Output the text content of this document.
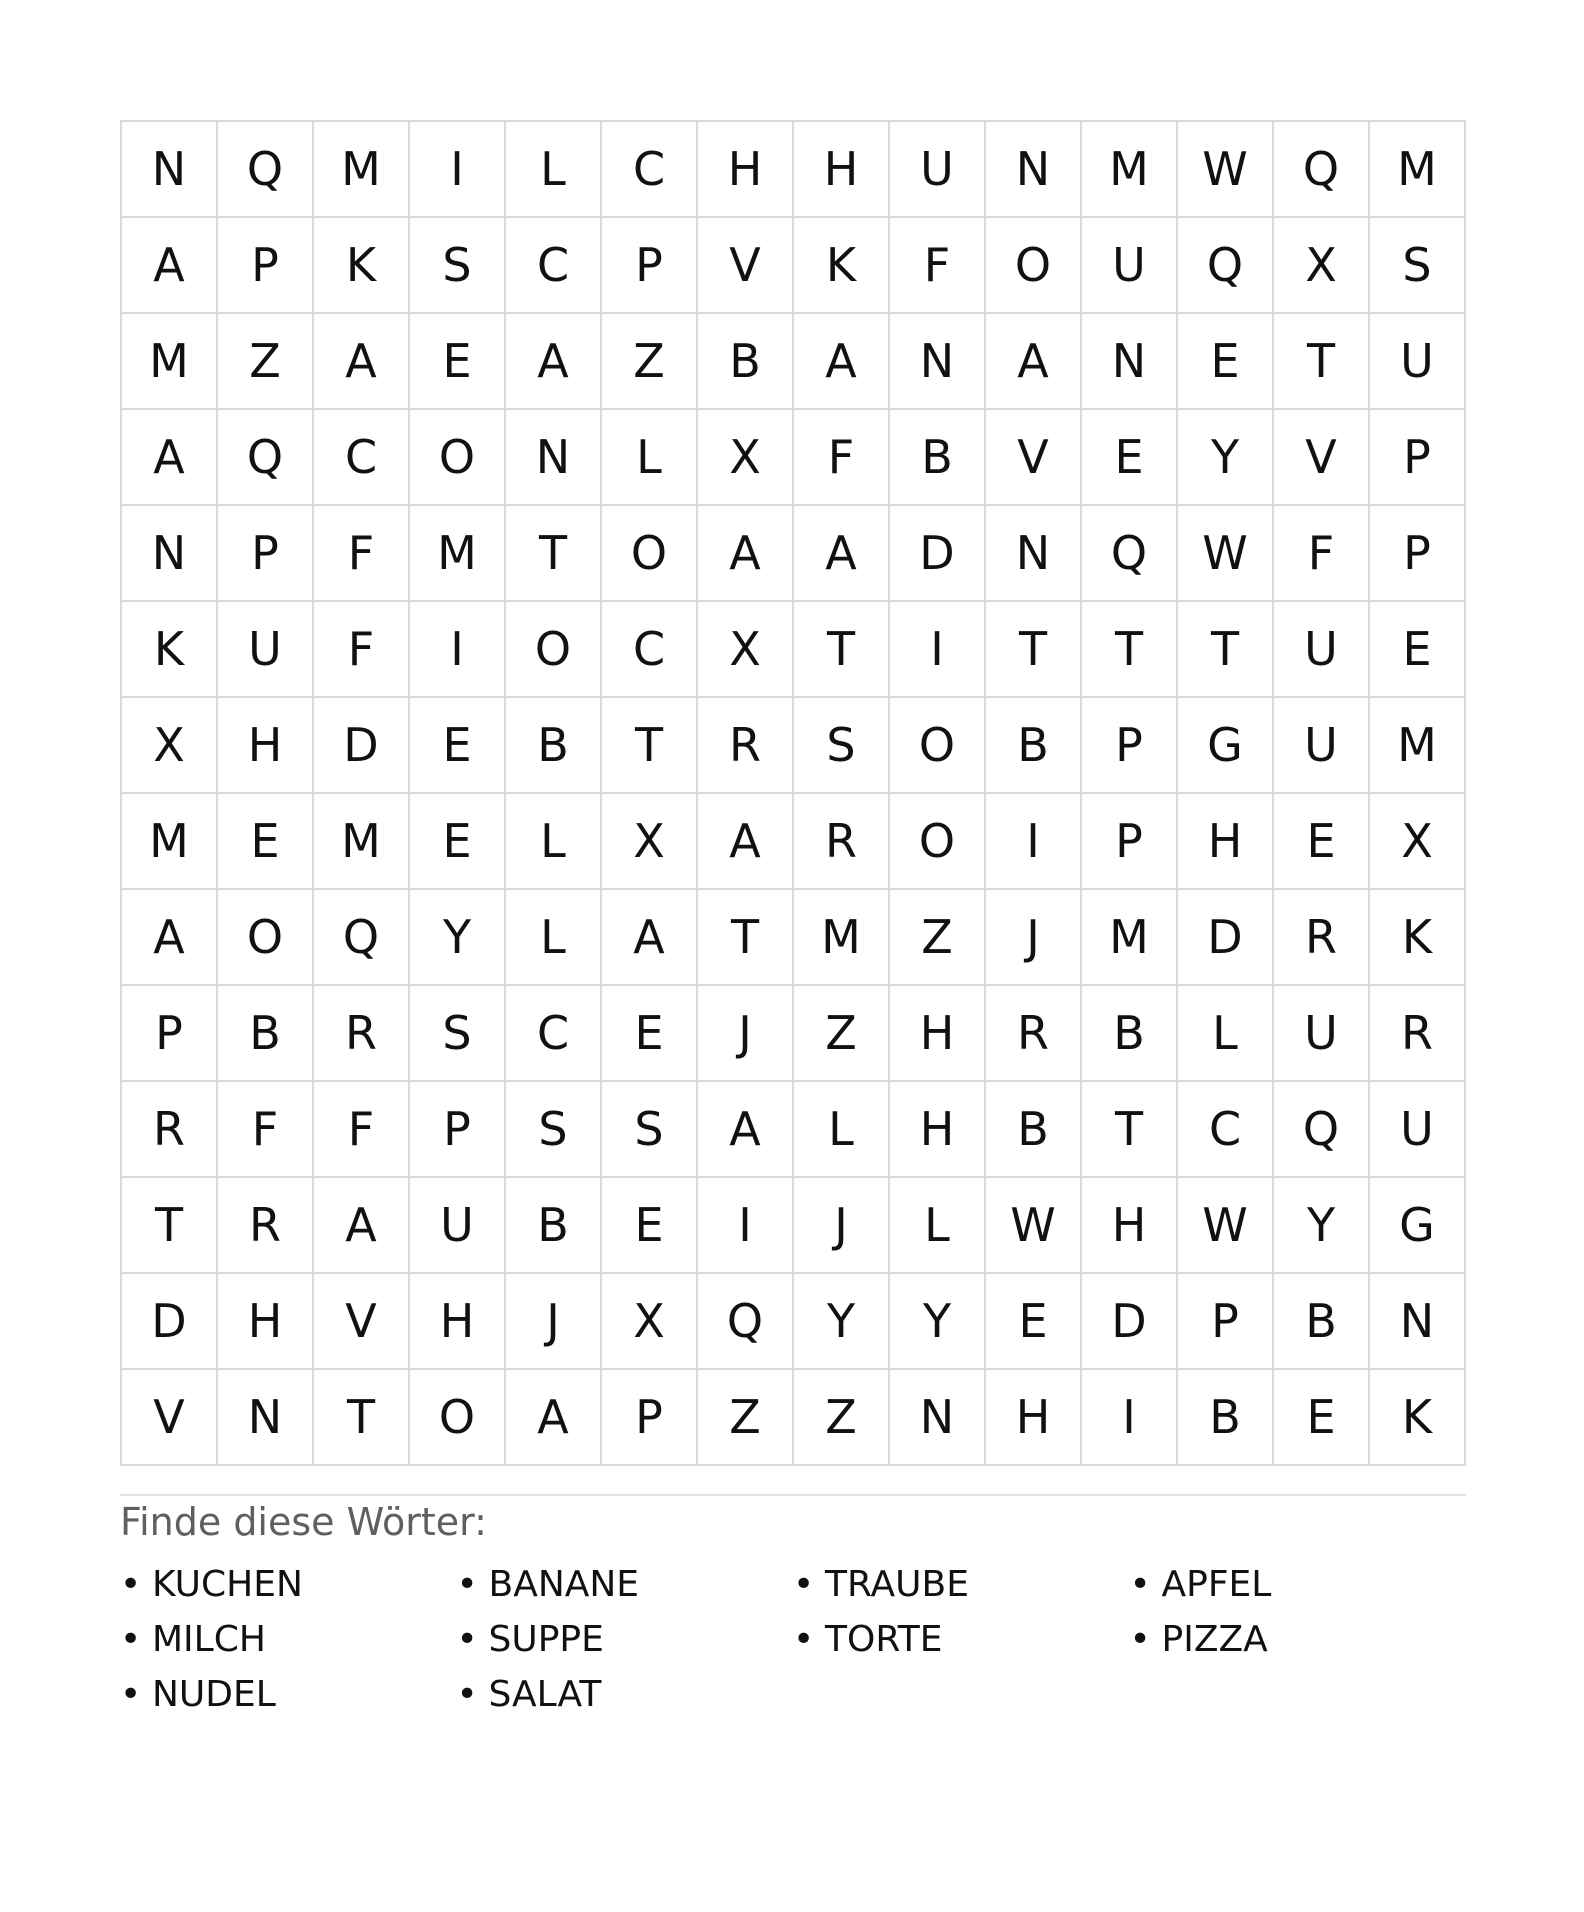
N	Q	M	I	L	C	H	H	U	N	M	W	Q	M
A	P	K	S	C	P	V	K	F	O	U	Q	X	S
M	Z	A	E	A	Z	B	A	N	A	N	E	T	U
A	Q	C	O	N	L	X	F	B	V	E	Y	V	P
N	P	F	M	T	O	A	A	D	N	Q	W	F	P
K	U	F	I	O	C	X	T	I	T	T	T	U	E
X	H	D	E	B	T	R	S	O	B	P	G	U	M
M	E	M	E	L	X	A	R	O	I	P	H	E	X
A	O	Q	Y	L	A	T	M	Z	J	M	D	R	K
P	B	R	S	C	E	J	Z	H	R	B	L	U	R
R	F	F	P	S	S	A	L	H	B	T	C	Q	U
T	R	A	U	B	E	I	J	L	W	H	W	Y	G
D	H	V	H	J	X	Q	Y	Y	E	D	P	B	N
V	N	T	O	A	P	Z	Z	N	H	I	B	E	K
Finde diese Wörter:
• KUCHEN	• BANANE	• TRAUBE	• APFEL
• MILCH	• SUPPE	• TORTE	• PIZZA
• NUDEL	• SALAT
